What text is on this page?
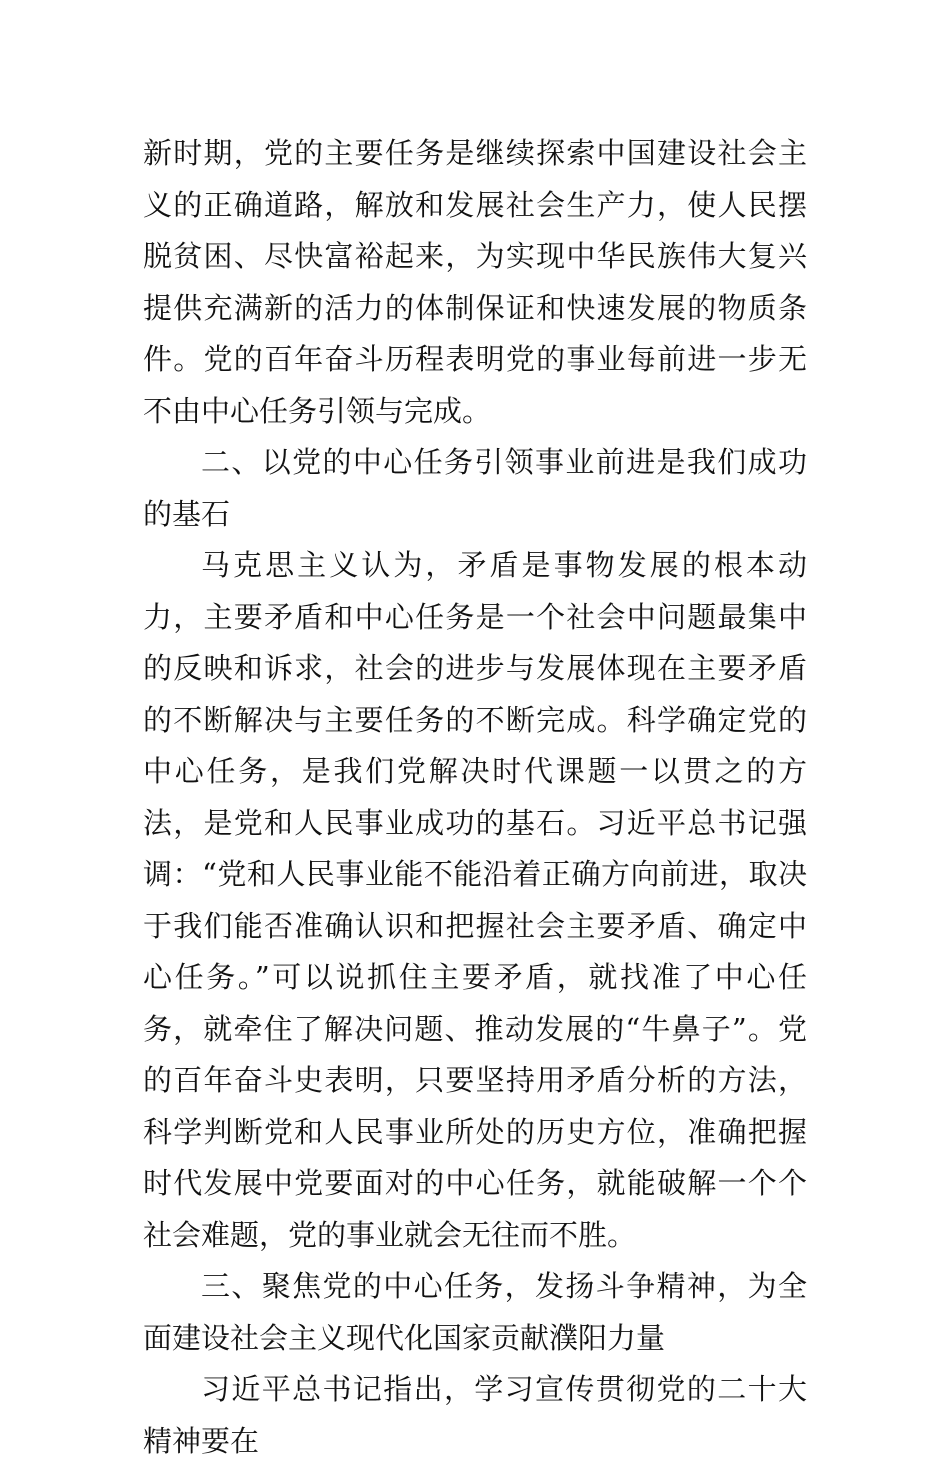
新时期，党的主要任务是继续探索中国建设社会主义的正确道路，解放和发展社会生产力，使人民摆脱贫困、尽快富裕起来，为实现中华民族伟大复兴提供充满新的活力的体制保证和快速发展的物质条件。党的百年奋斗历程表明党的事业每前进一步无不由中心任务引领与完成。

二、以党的中心任务引领事业前进是我们成功的基石

马克思主义认为，矛盾是事物发展的根本动力，主要矛盾和中心任务是一个社会中问题最集中的反映和诉求，社会的进步与发展体现在主要矛盾的不断解决与主要任务的不断完成。科学确定党的中心任务，是我们党解决时代课题一以贯之的方法，是党和人民事业成功的基石。习近平总书记强调：“党和人民事业能不能沿着正确方向前进，取决于我们能否准确认识和把握社会主要矛盾、确定中心任务。”可以说抓住主要矛盾，就找准了中心任务，就牵住了解决问题、推动发展的“牛鼻子”。党的百年奋斗史表明，只要坚持用矛盾分析的方法，科学判断党和人民事业所处的历史方位，准确把握时代发展中党要面对的中心任务，就能破解一个个社会难题，党的事业就会无往而不胜。

三、聚焦党的中心任务，发扬斗争精神，为全面建设社会主义现代化国家贡献濮阳力量

习近平总书记指出，学习宣传贯彻党的二十大精神要在
